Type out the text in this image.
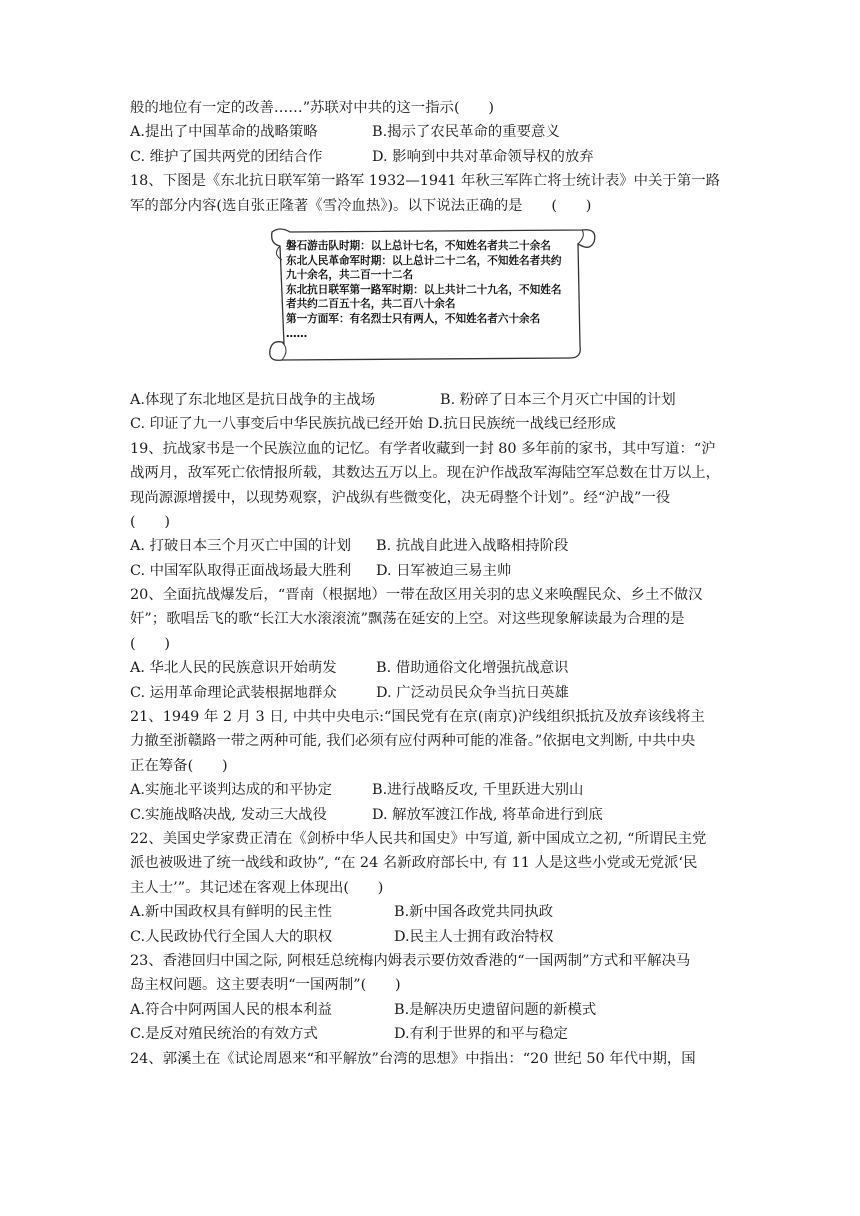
般的地位有一定的改善……”苏联对中共的这一指示(　　)
A.提出了中国革命的战略策略	B.揭示了农民革命的重要意义
C. 维护了国共两党的团结合作	D. 影响到中共对革命领导权的放弃
18、下图是《东北抗日联军第一路军 1932—1941 年秋三军阵亡将士统计表》中关于第一路
军的部分内容(选自张正隆著《雪冷血热》)。以下说法正确的是　　(　　)
磐石游击队时期：以上总计七名，不知姓名者共二十余名
东北人民革命军时期：以上总计二十二名，不知姓名者共约
九十余名，共二百一十二名
东北抗日联军第一路军时期：以上共计二十九名，不知姓名
者共约二百五十名，共二百八十余名
第一方面军：有名烈士只有两人，不知姓名者六十余名
……
A.体现了东北地区是抗日战争的主战场	B. 粉碎了日本三个月灭亡中国的计划
C. 印证了九一八事变后中华民族抗战已经开始 D.抗日民族统一战线已经形成
19、抗战家书是一个民族泣血的记忆。有学者收藏到一封 80 多年前的家书，其中写道：“沪
战两月，敌军死亡依情报所载，其数达五万以上。现在沪作战敌军海陆空军总数在廿万以上，
现尚源源增援中，以现势观察，沪战纵有些微变化，决无碍整个计划”。经“沪战”一役
(　　)
A. 打破日本三个月灭亡中国的计划	B. 抗战自此进入战略相持阶段
C. 中国军队取得正面战场最大胜利	D. 日军被迫三易主帅
20、全面抗战爆发后，“晋南（根据地）一带在敌区用关羽的忠义来唤醒民众、乡土不做汉
奸”；歌唱岳飞的歌“长江大水滚滚流”飘荡在延安的上空。对这些现象解读最为合理的是
(　　)
A. 华北人民的民族意识开始萌发	B. 借助通俗文化增强抗战意识
C. 运用革命理论武装根据地群众	D. 广泛动员民众争当抗日英雄
21、1949 年 2 月 3 日, 中共中央电示:“国民党有在京(南京)沪线组织抵抗及放弃该线将主
力撤至浙赣路一带之两种可能, 我们必须有应付两种可能的准备。”依据电文判断, 中共中央
正在筹备(　　)
A.实施北平谈判达成的和平协定	B.进行战略反攻, 千里跃进大别山
C.实施战略决战, 发动三大战役	D. 解放军渡江作战, 将革命进行到底
22、美国史学家费正清在《剑桥中华人民共和国史》中写道, 新中国成立之初, “所谓民主党
派也被吸进了统一战线和政协”, “在 24 名新政府部长中, 有 11 人是这些小党或无党派‘民
主人士’”。其记述在客观上体现出(　　)
A.新中国政权具有鲜明的民主性	B.新中国各政党共同执政
C.人民政协代行全国人大的职权	D.民主人士拥有政治特权
23、香港回归中国之际, 阿根廷总统梅内姆表示要仿效香港的“一国两制”方式和平解决马
岛主权问题。这主要表明“一国两制”(　　)
A.符合中阿两国人民的根本利益	B.是解决历史遗留问题的新模式
C.是反对殖民统治的有效方式	D.有利于世界的和平与稳定
24、郭溪土在《试论周恩来“和平解放”台湾的思想》中指出：“20 世纪 50 年代中期，国
